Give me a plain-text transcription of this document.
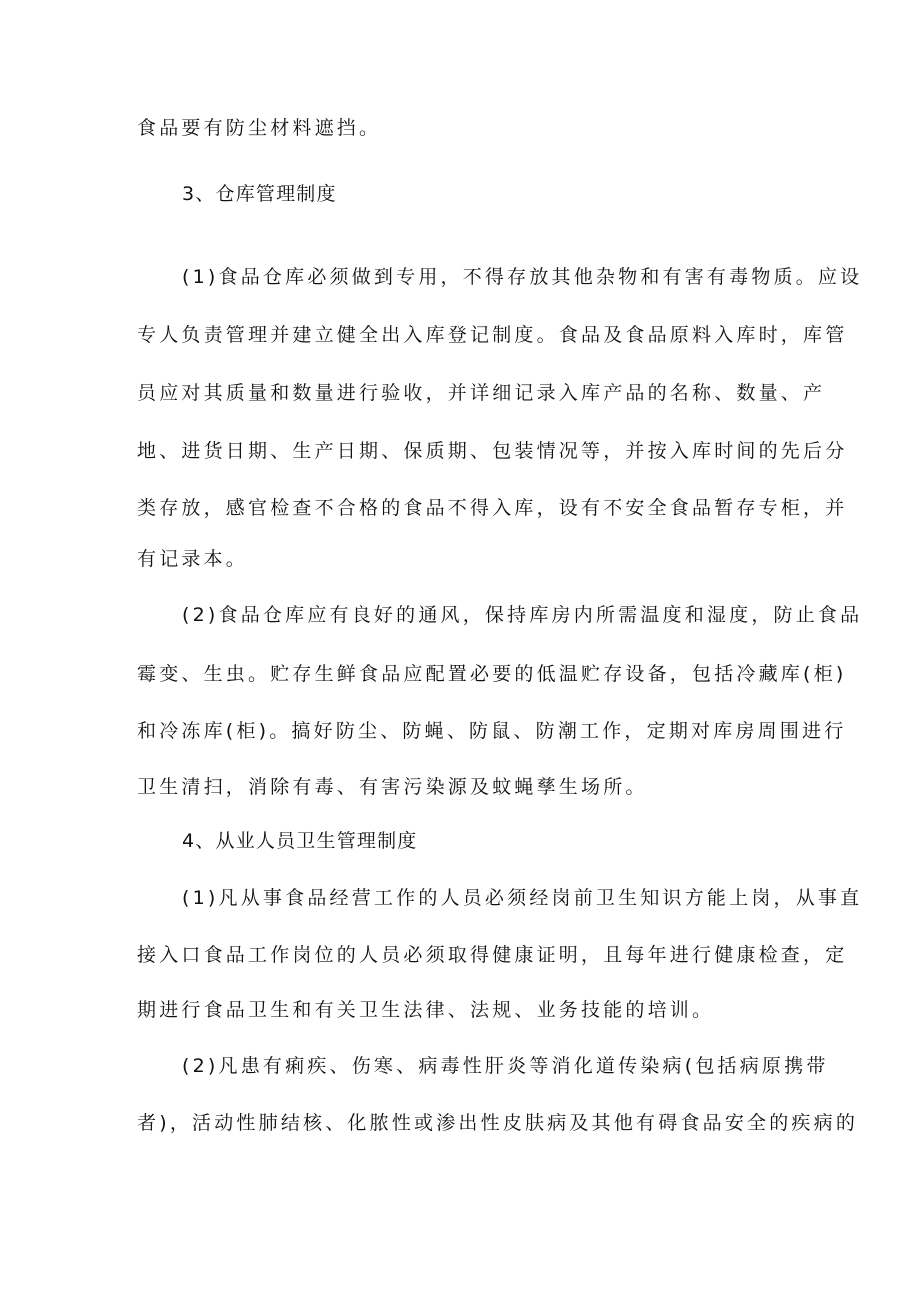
食品要有防尘材料遮挡。
3、仓库管理制度
(1)食品仓库必须做到专用，不得存放其他杂物和有害有毒物质。应设
专人负责管理并建立健全出入库登记制度。食品及食品原料入库时，库管
员应对其质量和数量进行验收，并详细记录入库产品的名称、数量、产
地、进货日期、生产日期、保质期、包装情况等，并按入库时间的先后分
类存放，感官检查不合格的食品不得入库，设有不安全食品暂存专柜，并
有记录本。
(2)食品仓库应有良好的通风，保持库房内所需温度和湿度，防止食品
霉变、生虫。贮存生鲜食品应配置必要的低温贮存设备，包括冷藏库(柜)
和冷冻库(柜)。搞好防尘、防蝇、防鼠、防潮工作，定期对库房周围进行
卫生清扫，消除有毒、有害污染源及蚊蝇孳生场所。
4、从业人员卫生管理制度
(1)凡从事食品经营工作的人员必须经岗前卫生知识方能上岗，从事直
接入口食品工作岗位的人员必须取得健康证明，且每年进行健康检查，定
期进行食品卫生和有关卫生法律、法规、业务技能的培训。
(2)凡患有痢疾、伤寒、病毒性肝炎等消化道传染病(包括病原携带
者)，活动性肺结核、化脓性或渗出性皮肤病及其他有碍食品安全的疾病的
